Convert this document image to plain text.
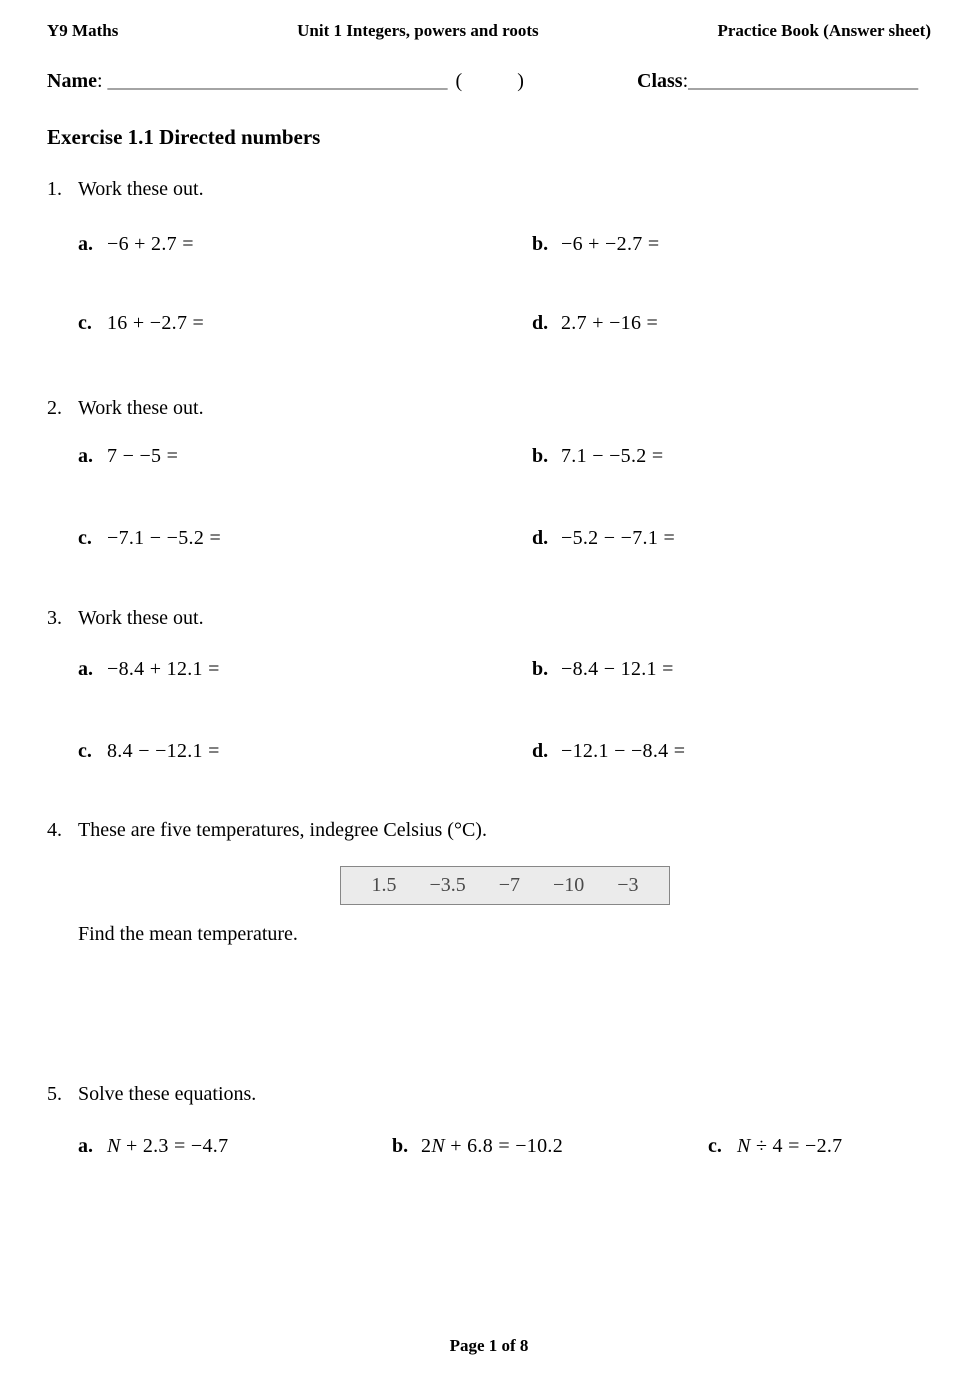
Y9 Maths	Unit 1 Integers, powers and roots	Practice Book (Answer sheet)
Name: __________________________________ (	)	Class:_______________________
Exercise 1.1 Directed numbers
1. Work these out.
a. −6 + 2.7 =	b. −6 + −2.7 =
c. 16 + −2.7 =	d. 2.7 + −16 =
2. Work these out.
a. 7 − −5 =	b. 7.1 − −5.2 =
c. −7.1 − −5.2 =	d. −5.2 − −7.1 =
3. Work these out.
a. −8.4 + 12.1 =	b. −8.4 − 12.1 =
c. 8.4 − −12.1 =	d. −12.1 − −8.4 =
4. These are five temperatures, indegree Celsius (°C).
1.5 −3.5 −7 −10 −3
Find the mean temperature.
5. Solve these equations.
a. N + 2.3 = −4.7	b. 2N + 6.8 = −10.2	c. N ÷ 4 = −2.7
Page 1 of 8
